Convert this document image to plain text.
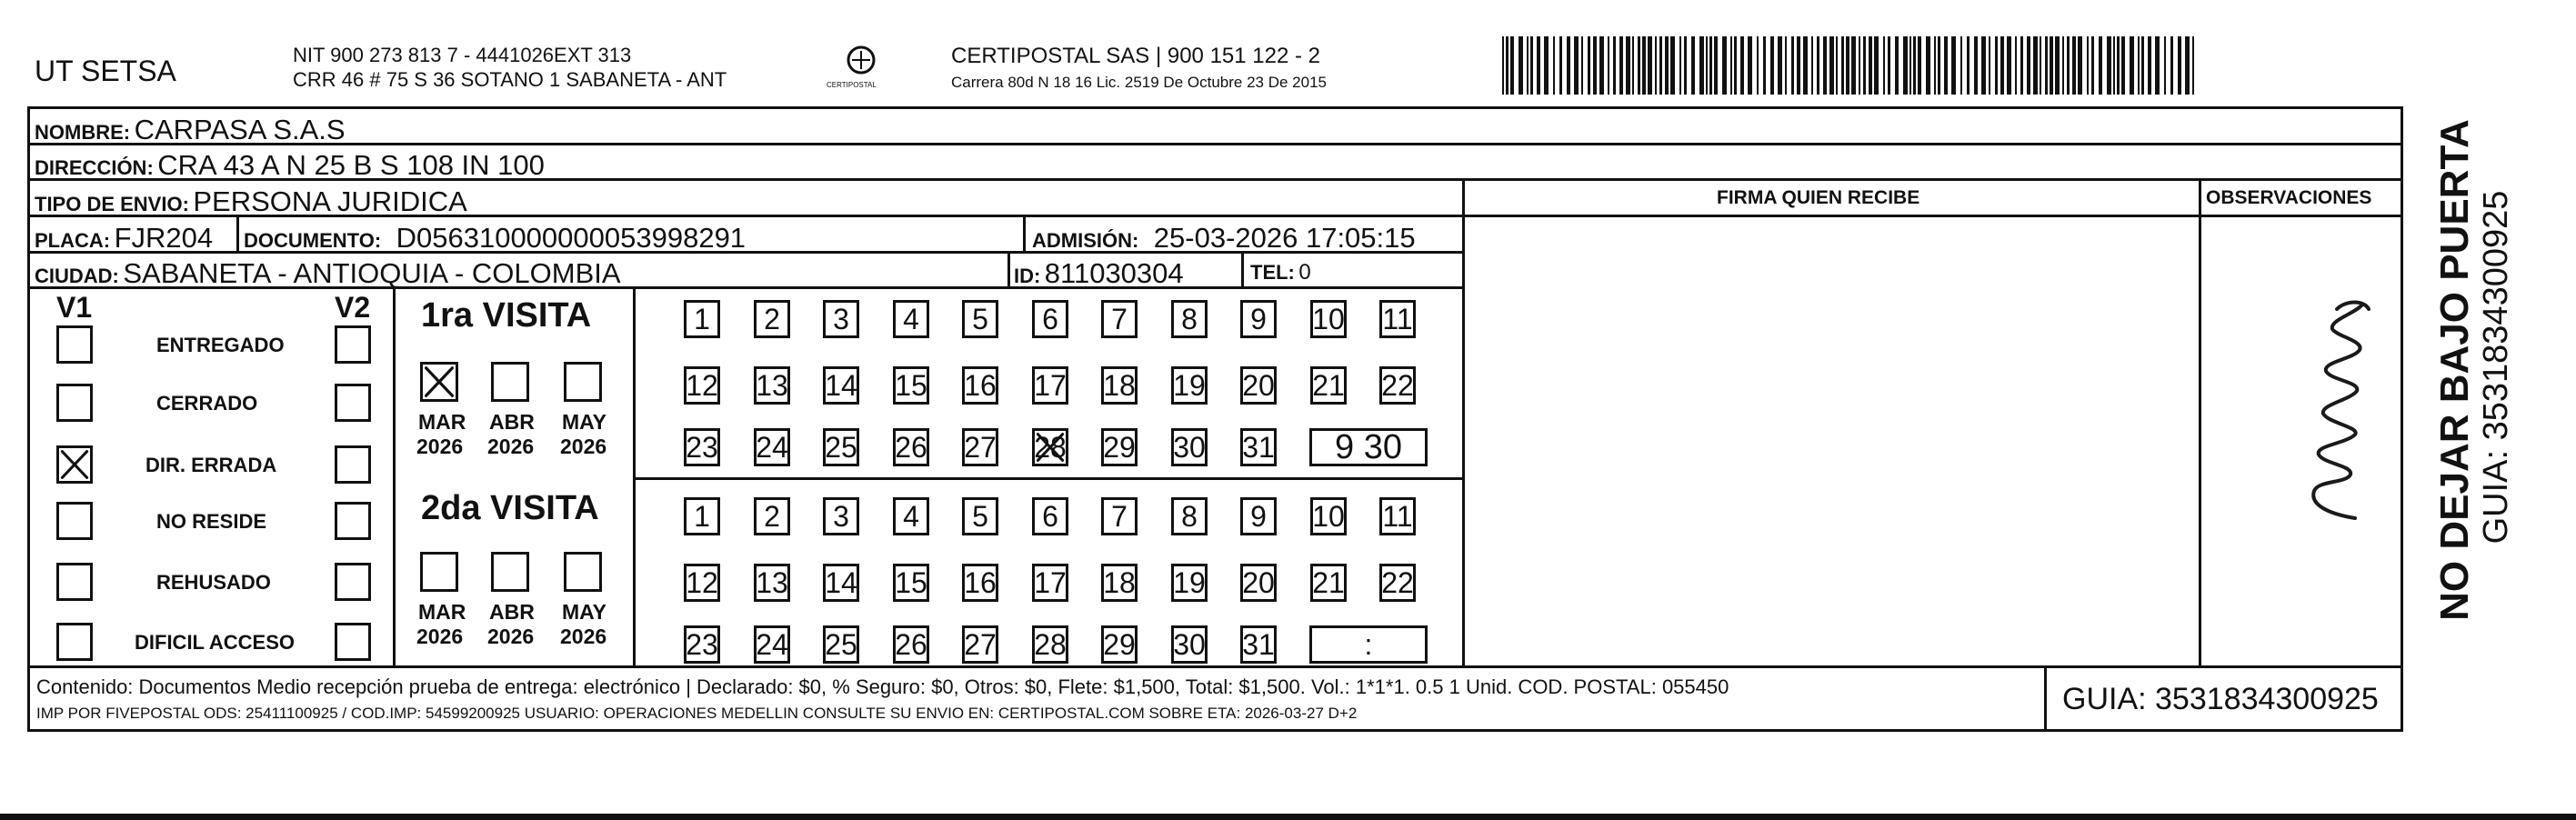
UT SETSA	NIT 900 273 813 7 - 4441026EXT 313
CRR 46 # 75 S 36 SOTANO 1 SABANETA - ANT	CERTIPOSTAL
CERTIPOSTAL SAS | 900 151 122 - 2
Carrera 80d N 18 16 Lic. 2519 De Octubre 23 De 2015
NOMBRE: CARPASA S.A.S
DIRECCIÓN: CRA 43 A N 25 B S 108 IN 100
TIPO DE ENVIO: PERSONA JURIDICA	FIRMA QUIEN RECIBE	OBSERVACIONES
PLACA: FJR204 DOCUMENTO: D056310000000053998291	ADMISIÓN: 25-03-2026 17:05:15
CIUDAD: SABANETA - ANTIOQUIA - COLOMBIA	ID: 811030304	TEL: 0
V1	V2
ENTREGADO
CERRADO
DIR. ERRADA
NO RESIDE
REHUSADO
DIFICIL ACCESO
1ra VISITA
2da VISITA
MAR
2026
ABR
2026
MAY
2026
MAR
2026
ABR
2026
MAY
2026
1 2 3 4 5 6 7 8 9 10 11
12 13 14 15 16 17 18 19 20 21 22
23 24 25 26 27 28 29 30 31	9 30
1 2 3 4 5 6 7 8 9 10 11
12 13 14 15 16 17 18 19 20 21 22
23 24 25 26 27 28 29 30 31	:
Contenido: Documentos Medio recepción prueba de entrega: electrónico | Declarado: $0, % Seguro: $0, Otros: $0, Flete: $1,500, Total: $1,500. Vol.: 1*1*1. 0.5 1 Unid. COD. POSTAL: 055450
IMP POR FIVEPOSTAL ODS: 25411100925 / COD.IMP: 54599200925 USUARIO: OPERACIONES MEDELLIN CONSULTE SU ENVIO EN: CERTIPOSTAL.COM SOBRE ETA: 2026-03-27 D+2	GUIA: 3531834300925
NO DEJAR BAJO PUERTA GUIA: 3531834300925
